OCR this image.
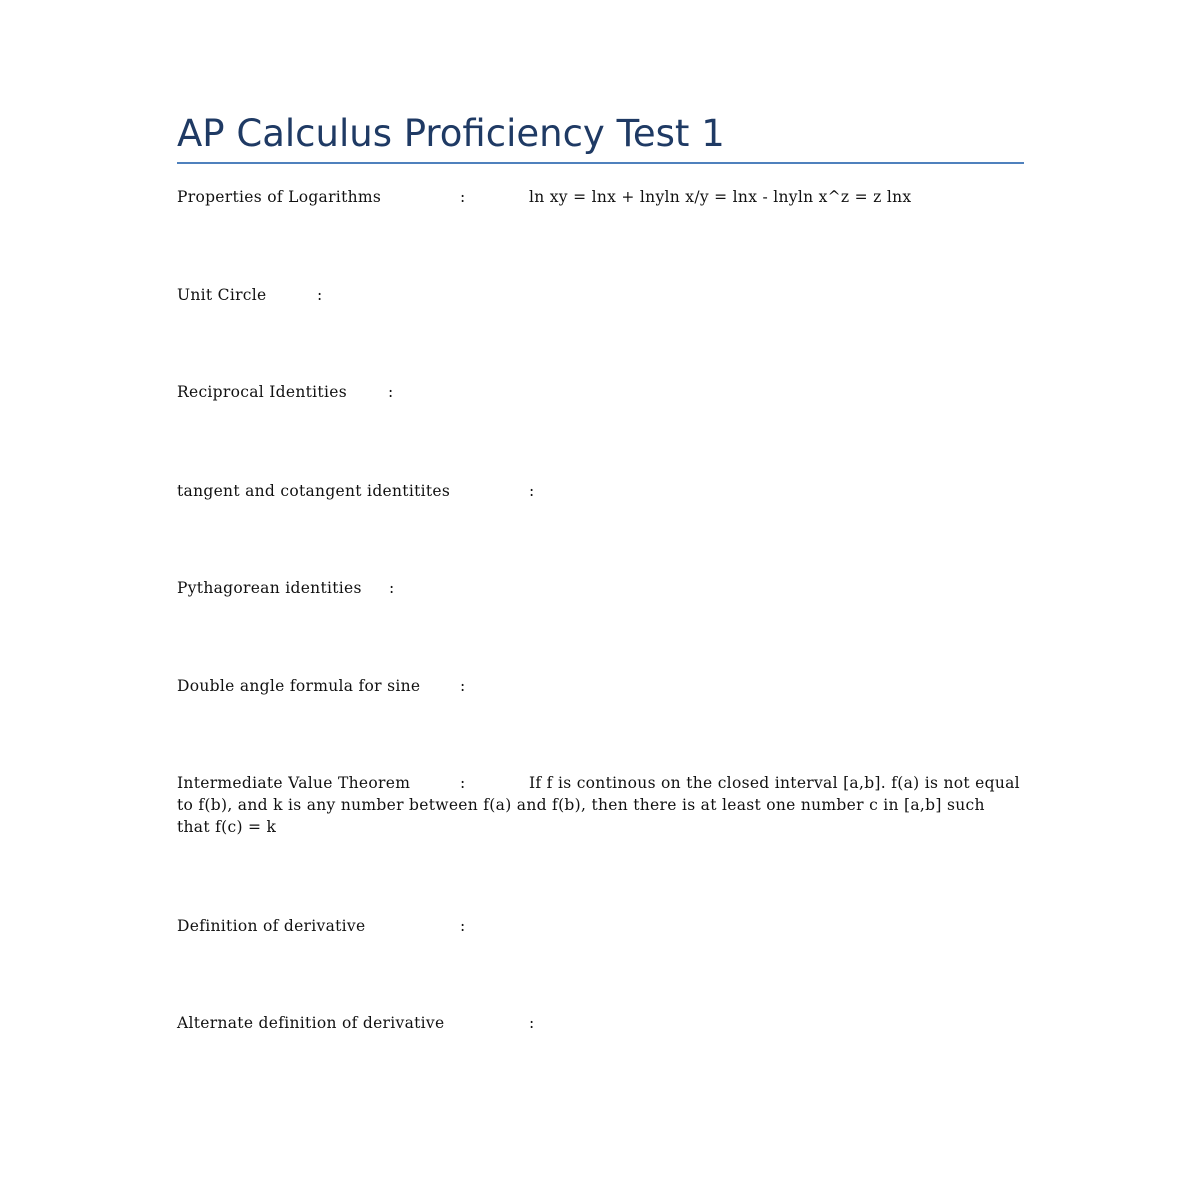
AP Calculus Proficiency Test 1
Properties of Logarithms	:	ln xy = lnx + lnyln x/y = lnx - lnyln x^z = z lnx
Unit Circle	:
Reciprocal Identities	:
tangent and cotangent identitites	:
Pythagorean identities :
Double angle formula for sine	:
Intermediate Value Theorem	:	If f is continous on the closed interval [a,b]. f(a) is not equal to f(b), and k is any number between f(a) and f(b), then there is at least one number c in [a,b] such that f(c) = k
Definition of derivative	:
Alternate definition of derivative	:
